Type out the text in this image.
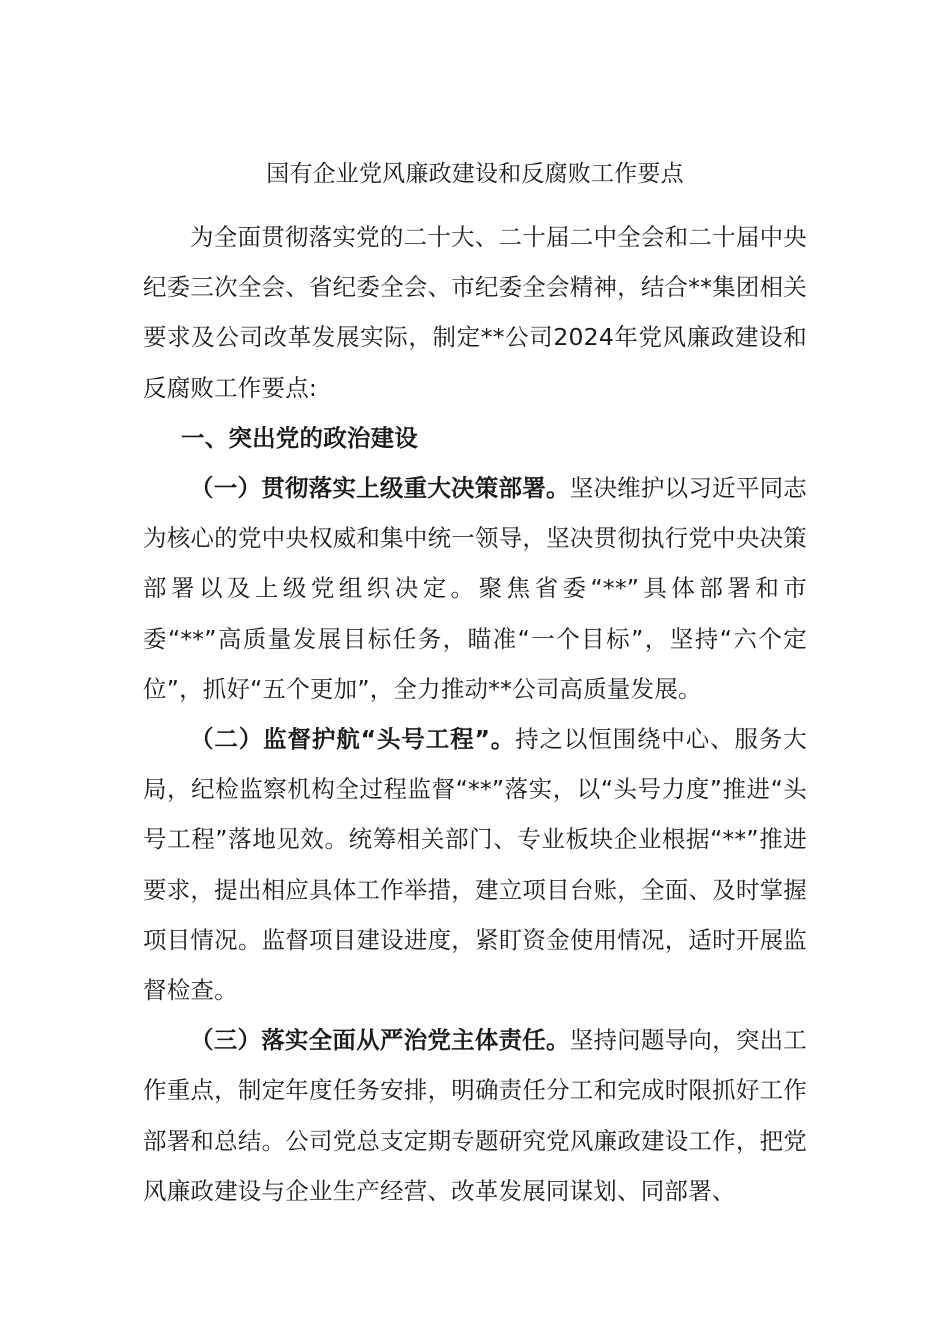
国有企业党风廉政建设和反腐败工作要点

为全面贯彻落实党的二十大、二十届二中全会和二十届中央纪委三次全会、省纪委全会、市纪委全会精神，结合**集团相关要求及公司改革发展实际，制定**公司2024年党风廉政建设和反腐败工作要点:

一、突出党的政治建设

（一）贯彻落实上级重大决策部署。坚决维护以习近平同志为核心的党中央权威和集中统一领导，坚决贯彻执行党中央决策部署以及上级党组织决定。聚焦省委“**”具体部署和市委“**”高质量发展目标任务，瞄准“一个目标”，坚持“六个定位”，抓好“五个更加”，全力推动**公司高质量发展。

（二）监督护航“头号工程”。持之以恒围绕中心、服务大局，纪检监察机构全过程监督“**”落实，以“头号力度”推进“头号工程”落地见效。统筹相关部门、专业板块企业根据“**”推进要求，提出相应具体工作举措，建立项目台账，全面、及时掌握项目情况。监督项目建设进度，紧盯资金使用情况，适时开展监督检查。

（三）落实全面从严治党主体责任。坚持问题导向，突出工作重点，制定年度任务安排，明确责任分工和完成时限抓好工作部署和总结。公司党总支定期专题研究党风廉政建设工作，把党风廉政建设与企业生产经营、改革发展同谋划、同部署、
